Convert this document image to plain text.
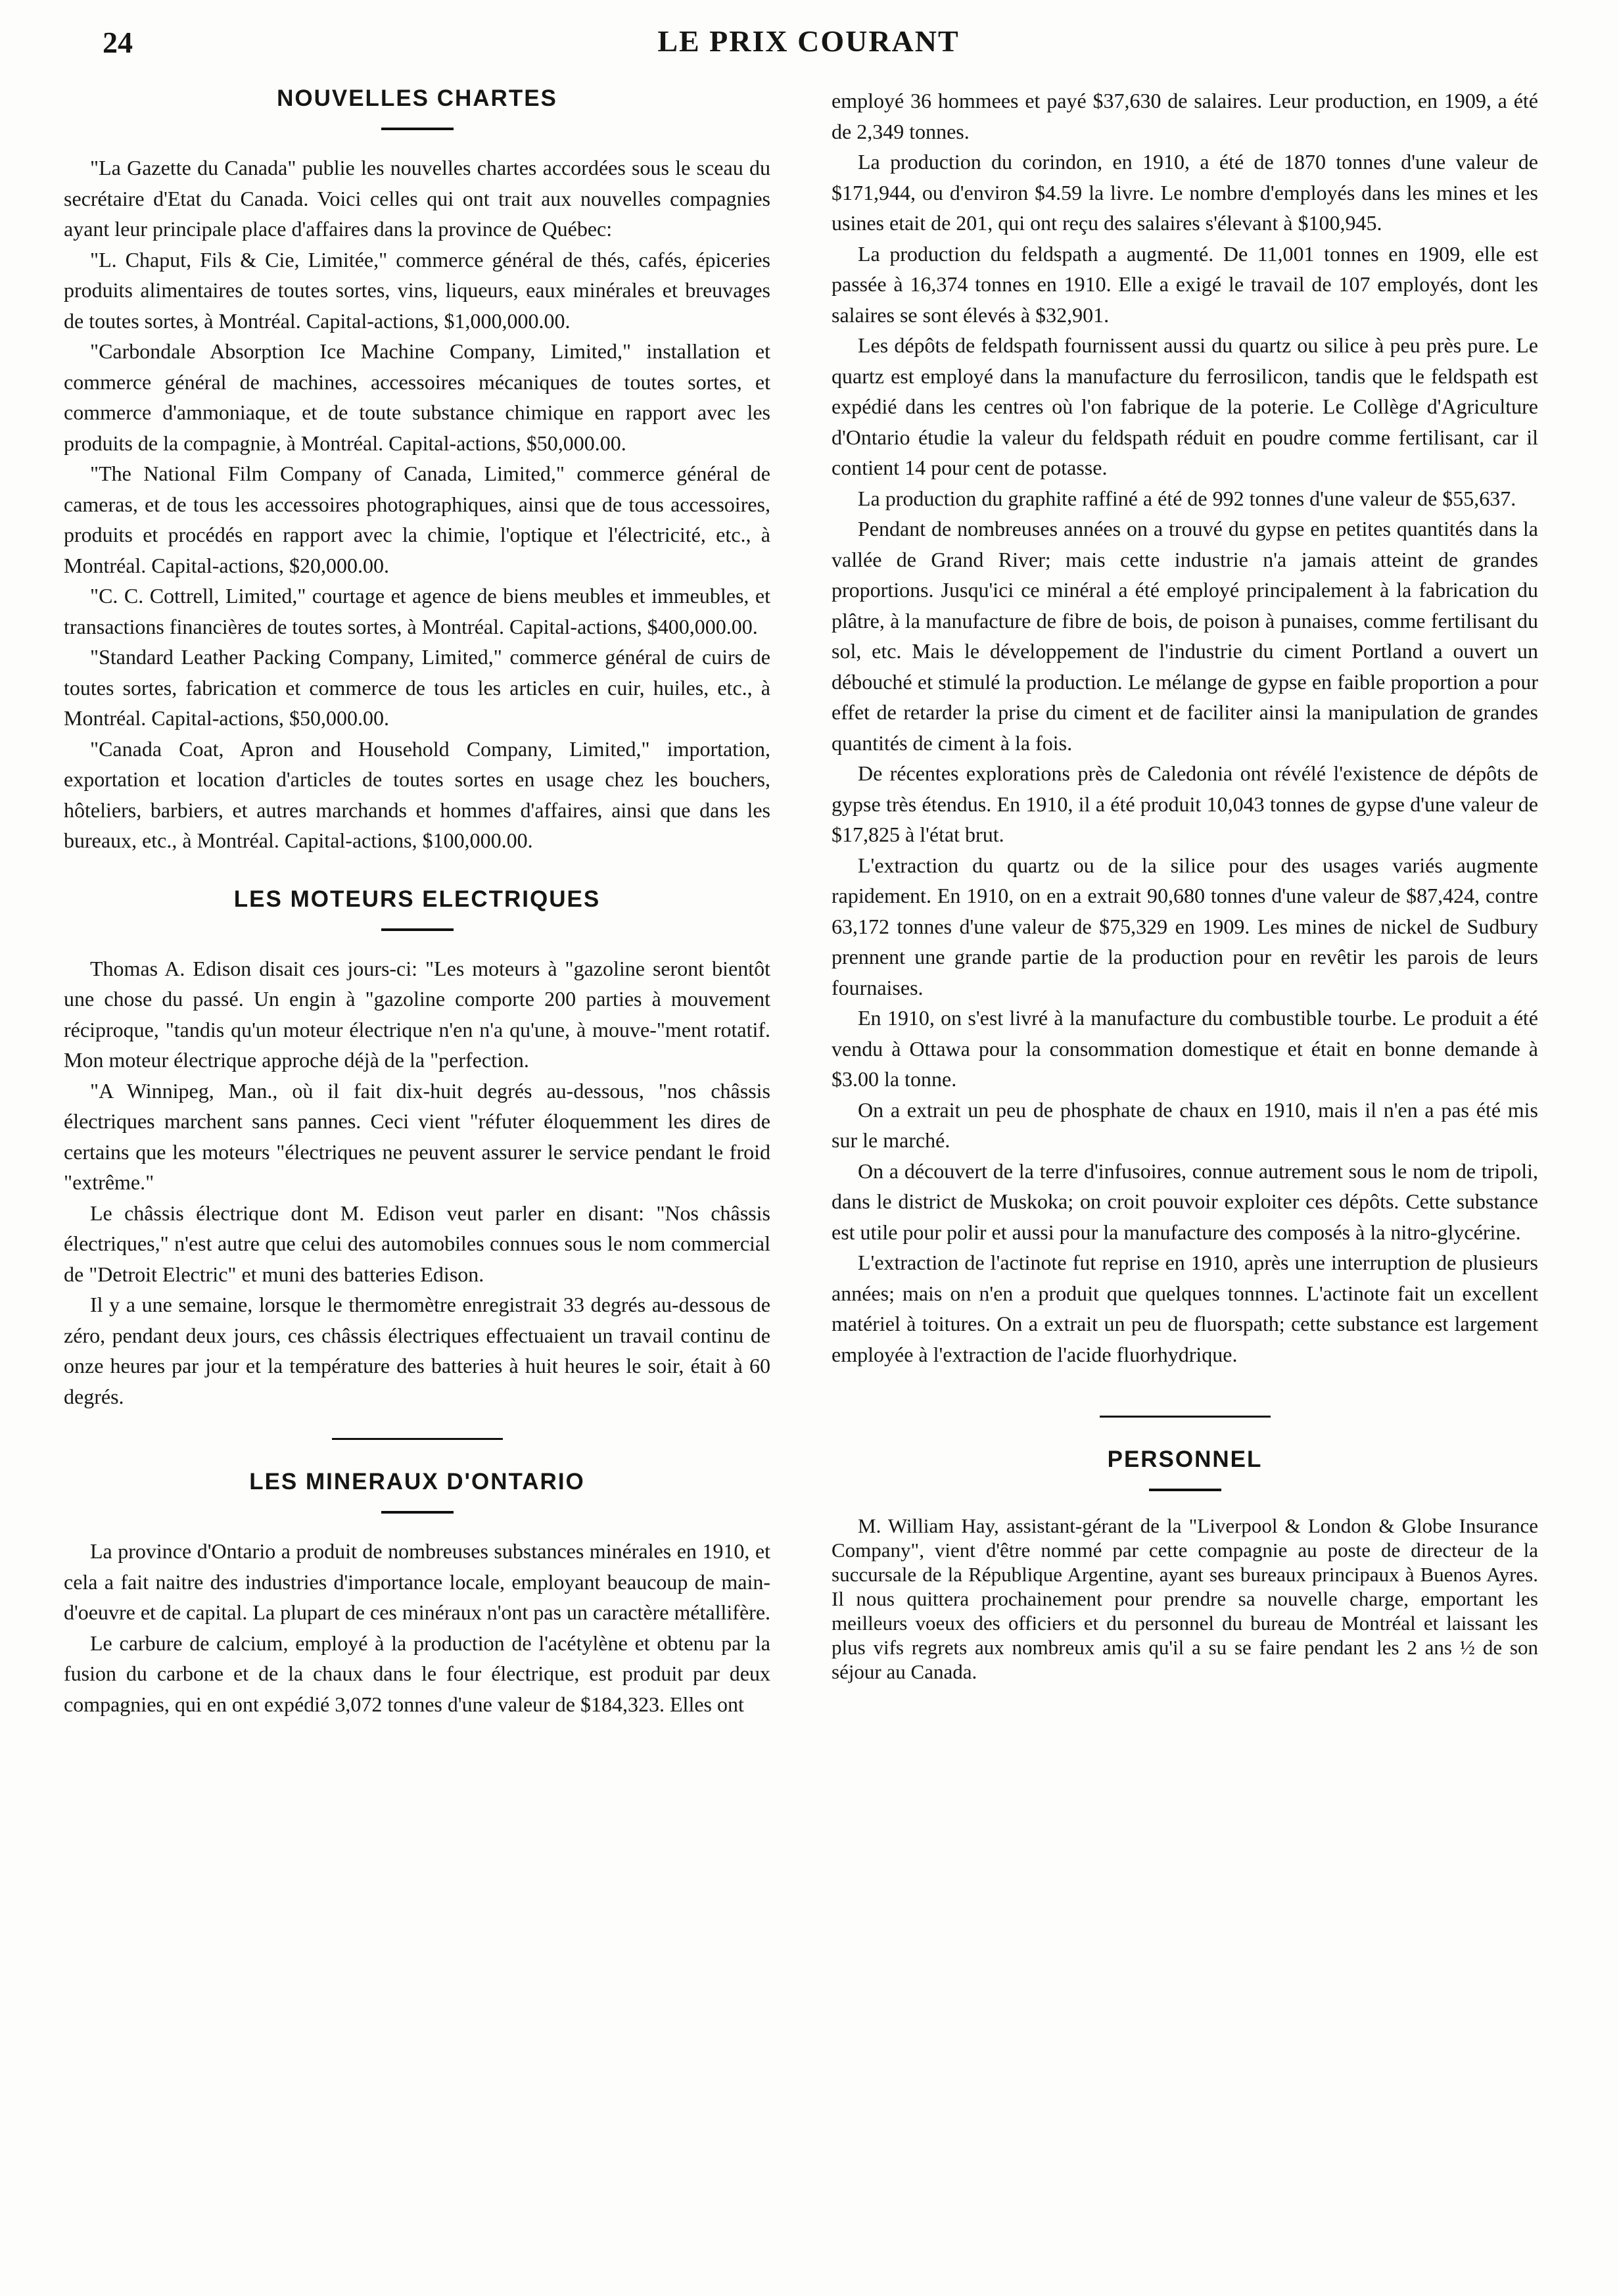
24	LE PRIX COURANT
NOUVELLES CHARTES

"La Gazette du Canada" publie les nouvelles chartes accordées sous le sceau du secrétaire d'Etat du Canada. Voici celles qui ont trait aux nouvelles compagnies ayant leur principale place d'affaires dans la province de Québec:

"L. Chaput, Fils & Cie, Limitée," commerce général de thés, cafés, épiceries produits alimentaires de toutes sortes, vins, liqueurs, eaux minérales et breuvages de toutes sortes, à Montréal. Capital-actions, $1,000,000.00.

"Carbondale Absorption Ice Machine Company, Limited," installation et commerce général de machines, accessoires mécaniques de toutes sortes, et commerce d'ammoniaque, et de toute substance chimique en rapport avec les produits de la compagnie, à Montréal. Capital-actions, $50,000.00.

"The National Film Company of Canada, Limited," commerce général de cameras, et de tous les accessoires photographiques, ainsi que de tous accessoires, produits et procédés en rapport avec la chimie, l'optique et l'électricité, etc., à Montréal. Capital-actions, $20,000.00.

"C. C. Cottrell, Limited," courtage et agence de biens meubles et immeubles, et transactions financières de toutes sortes, à Montréal. Capital-actions, $400,000.00.

"Standard Leather Packing Company, Limited," commerce général de cuirs de toutes sortes, fabrication et commerce de tous les articles en cuir, huiles, etc., à Montréal. Capital-actions, $50,000.00.

"Canada Coat, Apron and Household Company, Limited," importation, exportation et location d'articles de toutes sortes en usage chez les bouchers, hôteliers, barbiers, et autres marchands et hommes d'affaires, ainsi que dans les bureaux, etc., à Montréal. Capital-actions, $100,000.00.

LES MOTEURS ELECTRIQUES

Thomas A. Edison disait ces jours-ci: "Les moteurs à "gazoline seront bientôt une chose du passé. Un engin à "gazoline comporte 200 parties à mouvement réciproque, "tandis qu'un moteur électrique n'en n'a qu'une, à mouve-"ment rotatif. Mon moteur électrique approche déjà de la "perfection.

"A Winnipeg, Man., où il fait dix-huit degrés au-dessous, "nos châssis électriques marchent sans pannes. Ceci vient "réfuter éloquemment les dires de certains que les moteurs "électriques ne peuvent assurer le service pendant le froid "extrême."

Le châssis électrique dont M. Edison veut parler en disant: "Nos châssis électriques," n'est autre que celui des automobiles connues sous le nom commercial de "Detroit Electric" et muni des batteries Edison.

Il y a une semaine, lorsque le thermomètre enregistrait 33 degrés au-dessous de zéro, pendant deux jours, ces châssis électriques effectuaient un travail continu de onze heures par jour et la température des batteries à huit heures le soir, était à 60 degrés.

LES MINERAUX D'ONTARIO

La province d'Ontario a produit de nombreuses substances minérales en 1910, et cela a fait naitre des industries d'importance locale, employant beaucoup de main-d'oeuvre et de capital. La plupart de ces minéraux n'ont pas un caractère métallifère.

Le carbure de calcium, employé à la production de l'acétylène et obtenu par la fusion du carbone et de la chaux dans le four électrique, est produit par deux compagnies, qui en ont expédié 3,072 tonnes d'une valeur de $184,323. Elles ont

employé 36 hommees et payé $37,630 de salaires. Leur production, en 1909, a été de 2,349 tonnes.

La production du corindon, en 1910, a été de 1870 tonnes d'une valeur de $171,944, ou d'environ $4.59 la livre. Le nombre d'employés dans les mines et les usines etait de 201, qui ont reçu des salaires s'élevant à $100,945.

La production du feldspath a augmenté. De 11,001 tonnes en 1909, elle est passée à 16,374 tonnes en 1910. Elle a exigé le travail de 107 employés, dont les salaires se sont élevés à $32,901.

Les dépôts de feldspath fournissent aussi du quartz ou silice à peu près pure. Le quartz est employé dans la manufacture du ferrosilicon, tandis que le feldspath est expédié dans les centres où l'on fabrique de la poterie. Le Collège d'Agriculture d'Ontario étudie la valeur du feldspath réduit en poudre comme fertilisant, car il contient 14 pour cent de potasse.

La production du graphite raffiné a été de 992 tonnes d'une valeur de $55,637.

Pendant de nombreuses années on a trouvé du gypse en petites quantités dans la vallée de Grand River; mais cette industrie n'a jamais atteint de grandes proportions. Jusqu'ici ce minéral a été employé principalement à la fabrication du plâtre, à la manufacture de fibre de bois, de poison à punaises, comme fertilisant du sol, etc. Mais le développement de l'industrie du ciment Portland a ouvert un débouché et stimulé la production. Le mélange de gypse en faible proportion a pour effet de retarder la prise du ciment et de faciliter ainsi la manipulation de grandes quantités de ciment à la fois.

De récentes explorations près de Caledonia ont révélé l'existence de dépôts de gypse très étendus. En 1910, il a été produit 10,043 tonnes de gypse d'une valeur de $17,825 à l'état brut.

L'extraction du quartz ou de la silice pour des usages variés augmente rapidement. En 1910, on en a extrait 90,680 tonnes d'une valeur de $87,424, contre 63,172 tonnes d'une valeur de $75,329 en 1909. Les mines de nickel de Sudbury prennent une grande partie de la production pour en revêtir les parois de leurs fournaises.

En 1910, on s'est livré à la manufacture du combustible tourbe. Le produit a été vendu à Ottawa pour la consommation domestique et était en bonne demande à $3.00 la tonne.

On a extrait un peu de phosphate de chaux en 1910, mais il n'en a pas été mis sur le marché.

On a découvert de la terre d'infusoires, connue autrement sous le nom de tripoli, dans le district de Muskoka; on croit pouvoir exploiter ces dépôts. Cette substance est utile pour polir et aussi pour la manufacture des composés à la nitro-glycérine.

L'extraction de l'actinote fut reprise en 1910, après une interruption de plusieurs années; mais on n'en a produit que quelques tonnnes. L'actinote fait un excellent matériel à toitures. On a extrait un peu de fluorspath; cette substance est largement employée à l'extraction de l'acide fluorhydrique.

PERSONNEL

M. William Hay, assistant-gérant de la "Liverpool & London & Globe Insurance Company", vient d'être nommé par cette compagnie au poste de directeur de la succursale de la République Argentine, ayant ses bureaux principaux à Buenos Ayres. Il nous quittera prochainement pour prendre sa nouvelle charge, emportant les meilleurs voeux des officiers et du personnel du bureau de Montréal et laissant les plus vifs regrets aux nombreux amis qu'il a su se faire pendant les 2 ans ½ de son séjour au Canada.
